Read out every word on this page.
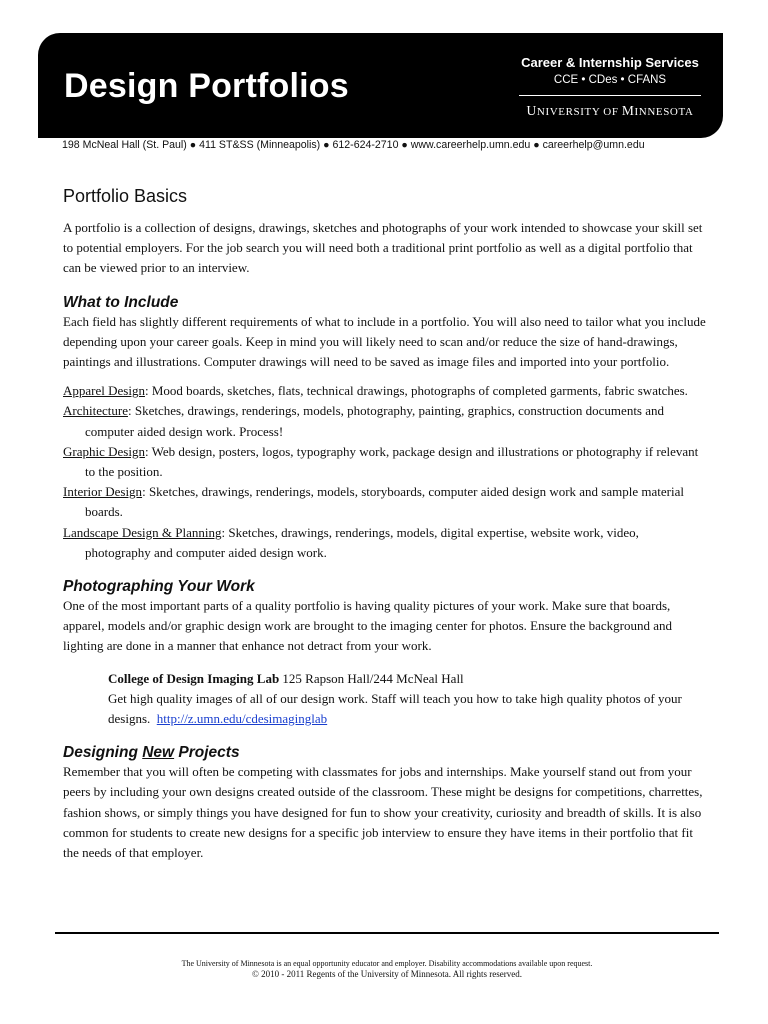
Design Portfolios
Career & Internship Services
CCE • CDes • CFANS
UNIVERSITY OF MINNESOTA
198 McNeal Hall (St. Paul) ● 411 ST&SS (Minneapolis) ● 612-624-2710 ● www.careerhelp.umn.edu ● careerhelp@umn.edu
Portfolio Basics

A portfolio is a collection of designs, drawings, sketches and photographs of your work intended to showcase your skill set to potential employers. For the job search you will need both a traditional print portfolio as well as a digital portfolio that can be viewed prior to an interview.

What to Include

Each field has slightly different requirements of what to include in a portfolio. You will also need to tailor what you include depending upon your career goals. Keep in mind you will likely need to scan and/or reduce the size of hand-drawings, paintings and illustrations. Computer drawings will need to be saved as image files and imported into your portfolio.

Apparel Design: Mood boards, sketches, flats, technical drawings, photographs of completed garments, fabric swatches.
Architecture: Sketches, drawings, renderings, models, photography, painting, graphics, construction documents and computer aided design work. Process!
Graphic Design: Web design, posters, logos, typography work, package design and illustrations or photography if relevant to the position.
Interior Design: Sketches, drawings, renderings, models, storyboards, computer aided design work and sample material boards.
Landscape Design & Planning: Sketches, drawings, renderings, models, digital expertise, website work, video, photography and computer aided design work.
Photographing Your Work

One of the most important parts of a quality portfolio is having quality pictures of your work. Make sure that boards, apparel, models and/or graphic design work are brought to the imaging center for photos. Ensure the background and lighting are done in a manner that enhance not detract from your work.

College of Design Imaging Lab 125 Rapson Hall/244 McNeal Hall
Get high quality images of all of our design work. Staff will teach you how to take high quality photos of your designs. http://z.umn.edu/cdesimaginglab
Designing New Projects

Remember that you will often be competing with classmates for jobs and internships. Make yourself stand out from your peers by including your own designs created outside of the classroom. These might be designs for competitions, charrettes, fashion shows, or simply things you have designed for fun to show your creativity, curiosity and breadth of skills. It is also common for students to create new designs for a specific job interview to ensure they have items in their portfolio that fit the needs of that employer.

The University of Minnesota is an equal opportunity educator and employer. Disability accommodations available upon request.
© 2010 - 2011 Regents of the University of Minnesota. All rights reserved.
